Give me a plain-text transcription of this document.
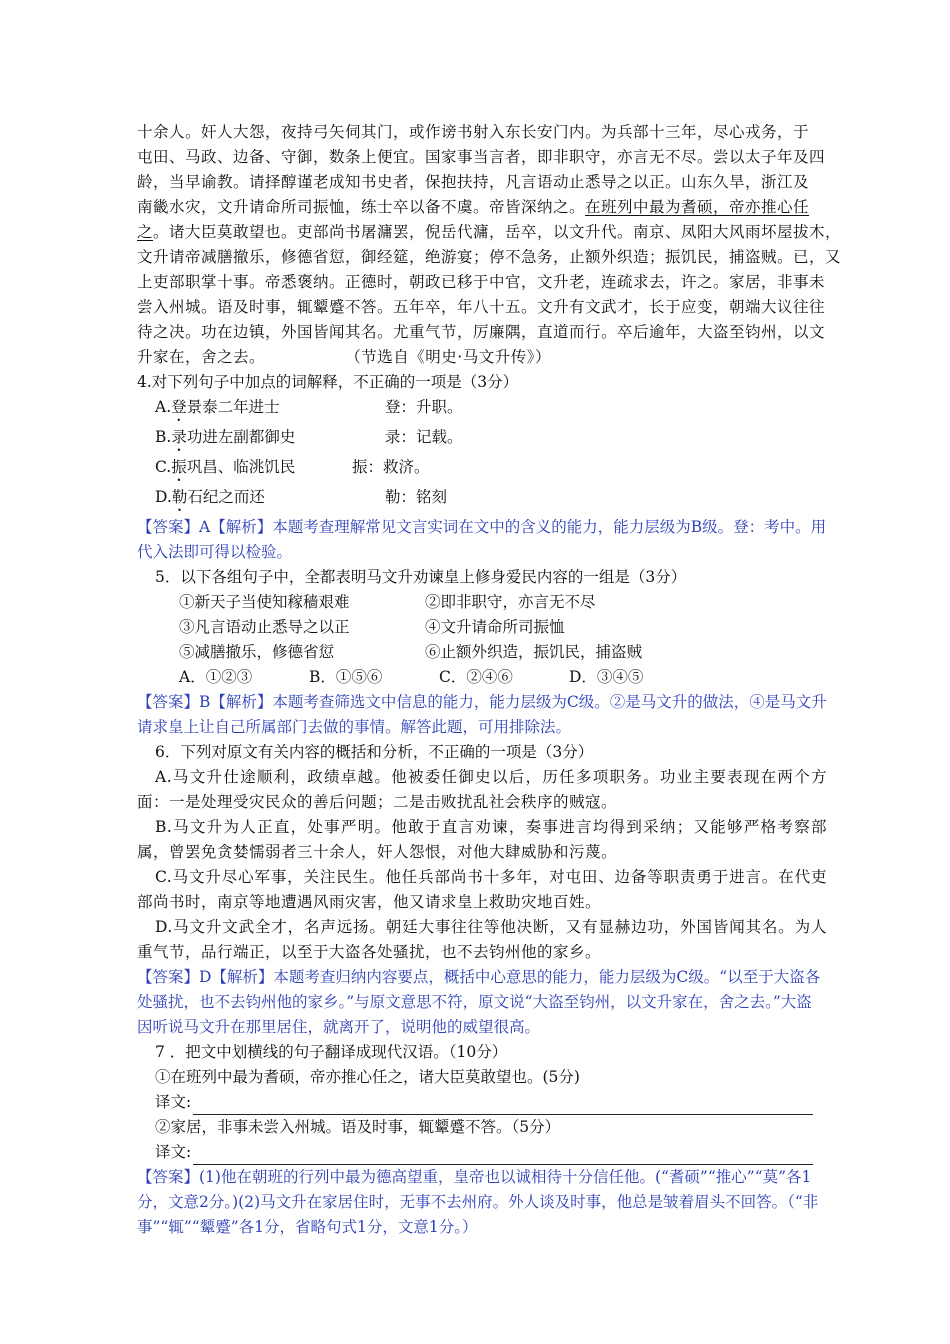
十余人。奸人大怨，夜持弓矢伺其门，或作谤书射入东长安门内。为兵部十三年，尽心戎务，于
屯田、马政、边备、守御，数条上便宜。国家事当言者，即非职守，亦言无不尽。尝以太子年及四
龄，当早谕教。请择醇谨老成知书史者，保抱扶持，凡言语动止悉导之以正。山东久旱，浙江及
南畿水灾，文升请命所司振恤，练士卒以备不虞。帝皆深纳之。在班列中最为耆硕，帝亦推心任
之。诸大臣莫敢望也。吏部尚书屠滽罢，倪岳代滽，岳卒，以文升代。南京、凤阳大风雨坏屋拔木，
文升请帝减膳撤乐，修德省愆，御经筵，绝游宴；停不急务，止额外织造；振饥民，捕盗贼。已，又
上吏部职掌十事。帝悉褒纳。正德时，朝政已移于中官，文升老，连疏求去，许之。家居，非事未
尝入州城。语及时事，辄颦蹙不答。五年卒，年八十五。文升有文武才，长于应变，朝端大议往往
待之决。功在边镇，外国皆闻其名。尤重气节，厉廉隅，直道而行。卒后逾年，大盗至钧州，以文
升家在，舍之去。	（节选自《明史·马文升传》）

4.对下列句子中加点的词解释，不正确的一项是（3分）

A.登景泰二年进士	登：升职。
B.录功进左副都御史	录：记载。
C.振巩昌、临洮饥民	振：救济。
D.勒石纪之而还	勒：铭刻

【答案】A【解析】本题考查理解常见文言实词在文中的含义的能力，能力层级为B级。登：考中。用代入法即可得以检验。

5．以下各组句子中，全都表明马文升劝谏皇上修身爱民内容的一组是（3分）

①新天子当使知稼穑艰难	②即非职守，亦言无不尽
③凡言语动止悉导之以正	④文升请命所司振恤
⑤减膳撤乐，修德省愆	⑥止额外织造，振饥民，捕盗贼
A．①②③	B．①⑤⑥	C．②④⑥	D．③④⑤

【答案】B【解析】本题考查筛选文中信息的能力，能力层级为C级。②是马文升的做法，④是马文升请求皇上让自己所属部门去做的事情。解答此题，可用排除法。

6．下列对原文有关内容的概括和分析，不正确的一项是（3分）

A.马文升仕途顺利，政绩卓越。他被委任御史以后，历任多项职务。功业主要表现在两个方面：一是处理受灾民众的善后问题；二是击败扰乱社会秩序的贼寇。

B.马文升为人正直，处事严明。他敢于直言劝谏，奏事进言均得到采纳；又能够严格考察部属，曾罢免贪婪懦弱者三十余人，奸人怨恨，对他大肆威胁和污蔑。

C.马文升尽心军事，关注民生。他任兵部尚书十多年，对屯田、边备等职责勇于进言。在代吏部尚书时，南京等地遭遇风雨灾害，他又请求皇上救助灾地百姓。

D.马文升文武全才，名声远扬。朝廷大事往往等他决断，又有显赫边功，外国皆闻其名。为人重气节，品行端正，以至于大盗各处骚扰，也不去钧州他的家乡。

【答案】D【解析】本题考查归纳内容要点，概括中心意思的能力，能力层级为C级。“以至于大盗各处骚扰，也不去钧州他的家乡。”与原文意思不符，原文说“大盗至钧州，以文升家在，舍之去。”大盗因听说马文升在那里居住，就离开了，说明他的威望很高。

7 ．把文中划横线的句子翻译成现代汉语。（10分）

①在班列中最为耆硕，帝亦推心任之，诸大臣莫敢望也。(5分)

译文:

②家居，非事未尝入州城。语及时事，辄颦蹙不答。（5分）

译文:

【答案】(1)他在朝班的行列中最为德高望重，皇帝也以诚相待十分信任他。(“耆硕”“推心”“莫”各1分，文意2分。)(2)马文升在家居住时，无事不去州府。外人谈及时事，他总是皱着眉头不回答。（“非事”“辄”“颦蹙”各1分，省略句式1分，文意1分。）
